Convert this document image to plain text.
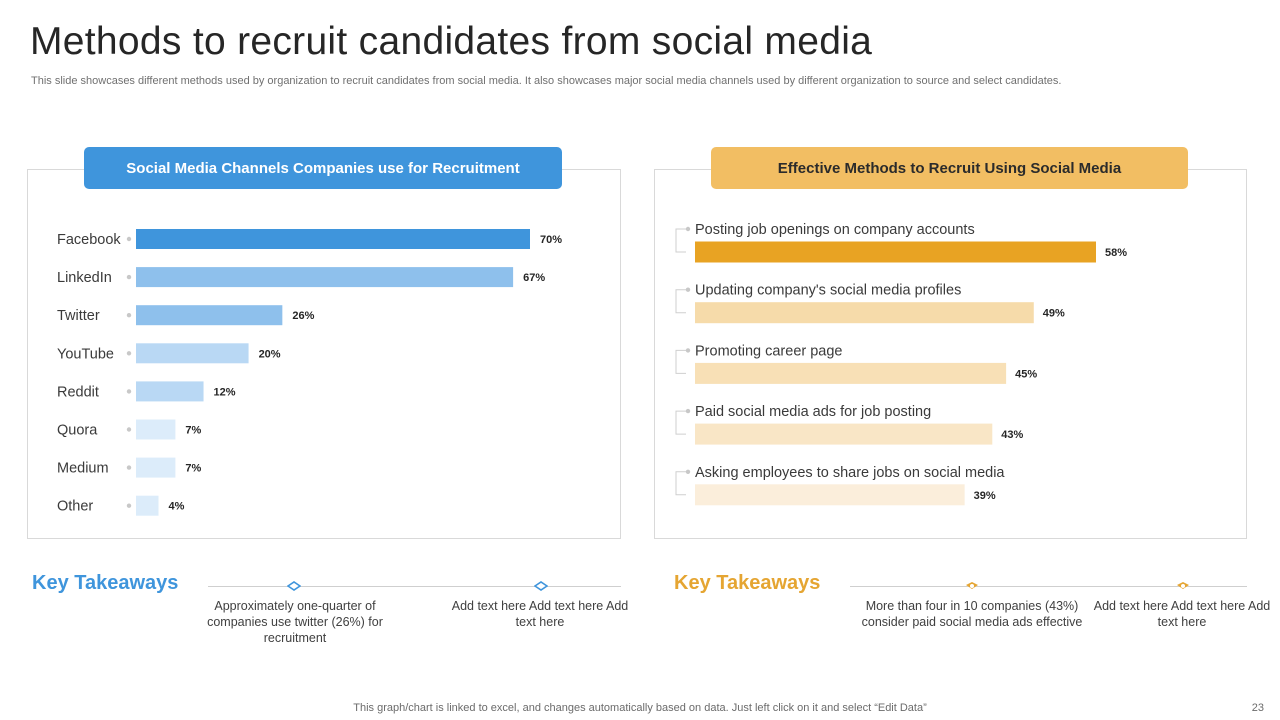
Methods to recruit candidates from social media
This slide showcases different methods used by organization to recruit candidates from social media. It also showcases major social media channels used by different organization to source and select candidates.
Facebook	70%
LinkedIn	67%
Twitter	26%
YouTube	20%
Reddit	12%
Quora	7%
Medium	7%
Other	4%
Posting job openings on company accounts
58%
Updating company's social media profiles
49%
Promoting career page
45%
Paid social media ads for job posting
43%
Asking employees to share jobs on social media
39%
Social Media Channels Companies use for Recruitment	Effective Methods to Recruit Using Social Media
Key Takeaways
Approximately one-quarter of companies use twitter (26%) for recruitment
Add text here Add text here Add text here
Key Takeaways
More than four in 10 companies (43%) consider paid social media ads effective
Add text here Add text here Add text here
This graph/chart is linked to excel, and changes automatically based on data. Just left click on it and select “Edit Data”	23
